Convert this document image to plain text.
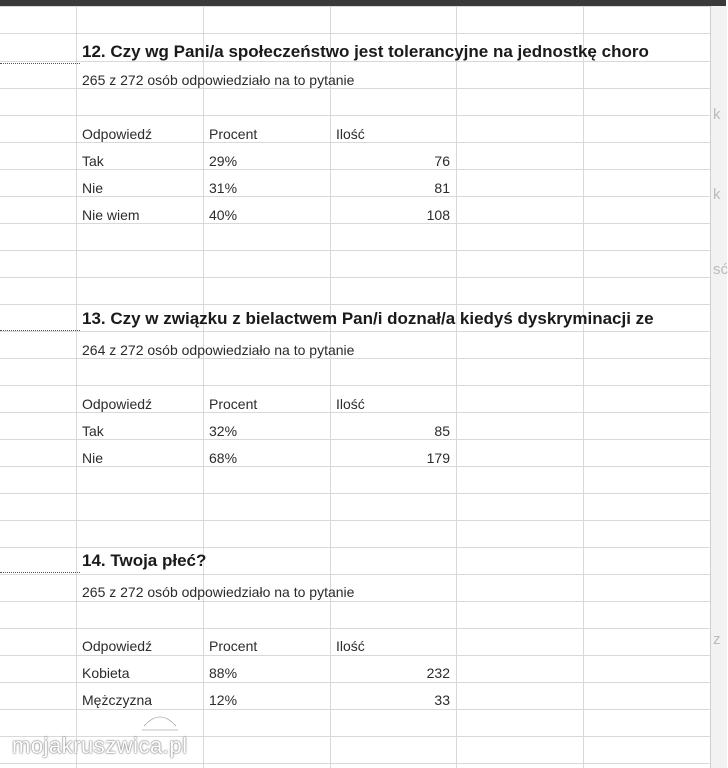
12. Czy wg Pani/a społeczeństwo jest tolerancyjne na jednostkę choro
265 z 272 osób odpowiedziało na to pytanie
Odpowiedź	Procent	Ilość
Tak	29%	76
Nie	31%	81
Nie wiem	40%	108
13. Czy w związku z bielactwem Pan/i doznał/a kiedyś dyskryminacji ze
264 z 272 osób odpowiedziało na to pytanie
Odpowiedź	Procent	Ilość
Tak	32%	85
Nie	68%	179
14. Twoja płeć?
265 z 272 osób odpowiedziało na to pytanie
Odpowiedź	Procent	Ilość
Kobieta	88%	232
Mężczyzna	12%	33
k
k
sć
z
mojakruszwica.pl
